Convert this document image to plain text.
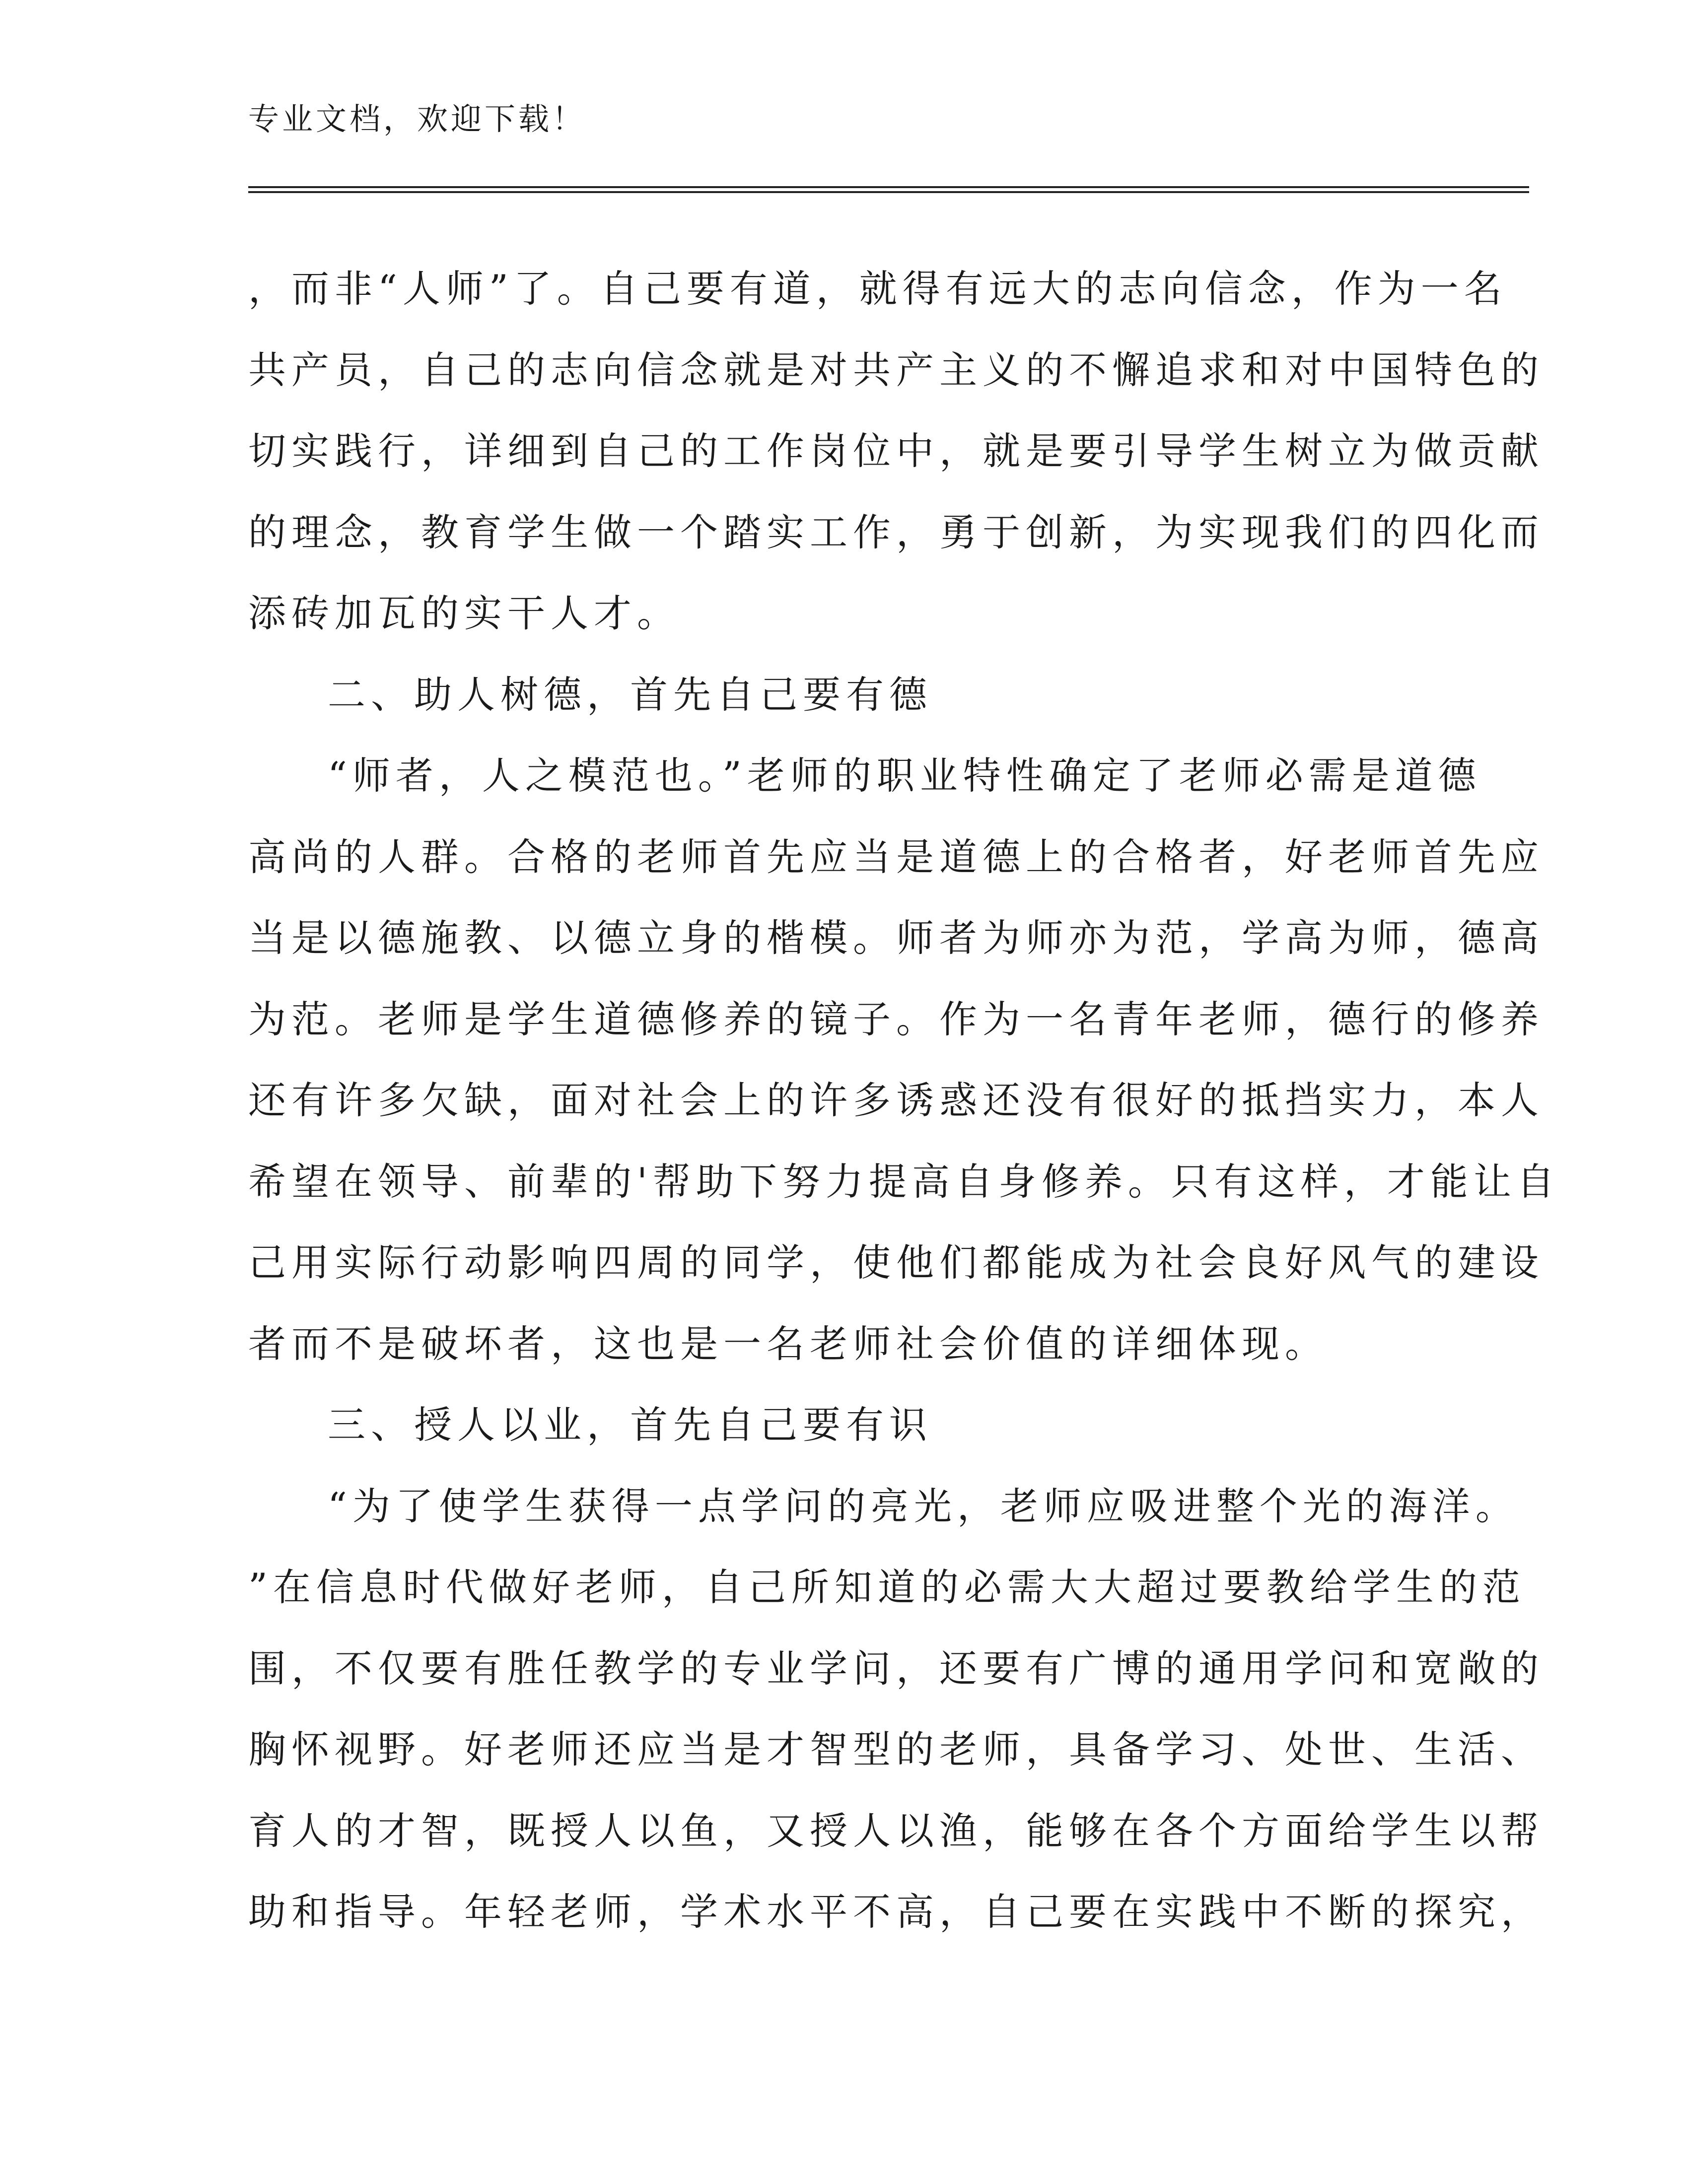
专业文档，欢迎下载！
，而非“人师”了。自己要有道，就得有远大的志向信念，作为一名
共产员，自己的志向信念就是对共产主义的不懈追求和对中国特色的
切实践行，详细到自己的工作岗位中，就是要引导学生树立为做贡献
的理念，教育学生做一个踏实工作，勇于创新，为实现我们的四化而
添砖加瓦的实干人才。
二、助人树德，首先自己要有德
“师者，人之模范也。”老师的职业特性确定了老师必需是道德
高尚的人群。合格的老师首先应当是道德上的合格者，好老师首先应
当是以德施教、以德立身的楷模。师者为师亦为范，学高为师，德高
为范。老师是学生道德修养的镜子。作为一名青年老师，德行的修养
还有许多欠缺，面对社会上的许多诱惑还没有很好的抵挡实力，本人
希望在领导、前辈的'帮助下努力提高自身修养。只有这样，才能让自
己用实际行动影响四周的同学，使他们都能成为社会良好风气的建设
者而不是破坏者，这也是一名老师社会价值的详细体现。
三、授人以业，首先自己要有识
“为了使学生获得一点学问的亮光，老师应吸进整个光的海洋。
”在信息时代做好老师，自己所知道的必需大大超过要教给学生的范
围，不仅要有胜任教学的专业学问，还要有广博的通用学问和宽敞的
胸怀视野。好老师还应当是才智型的老师，具备学习、处世、生活、
育人的才智，既授人以鱼，又授人以渔，能够在各个方面给学生以帮
助和指导。年轻老师，学术水平不高，自己要在实践中不断的探究，
